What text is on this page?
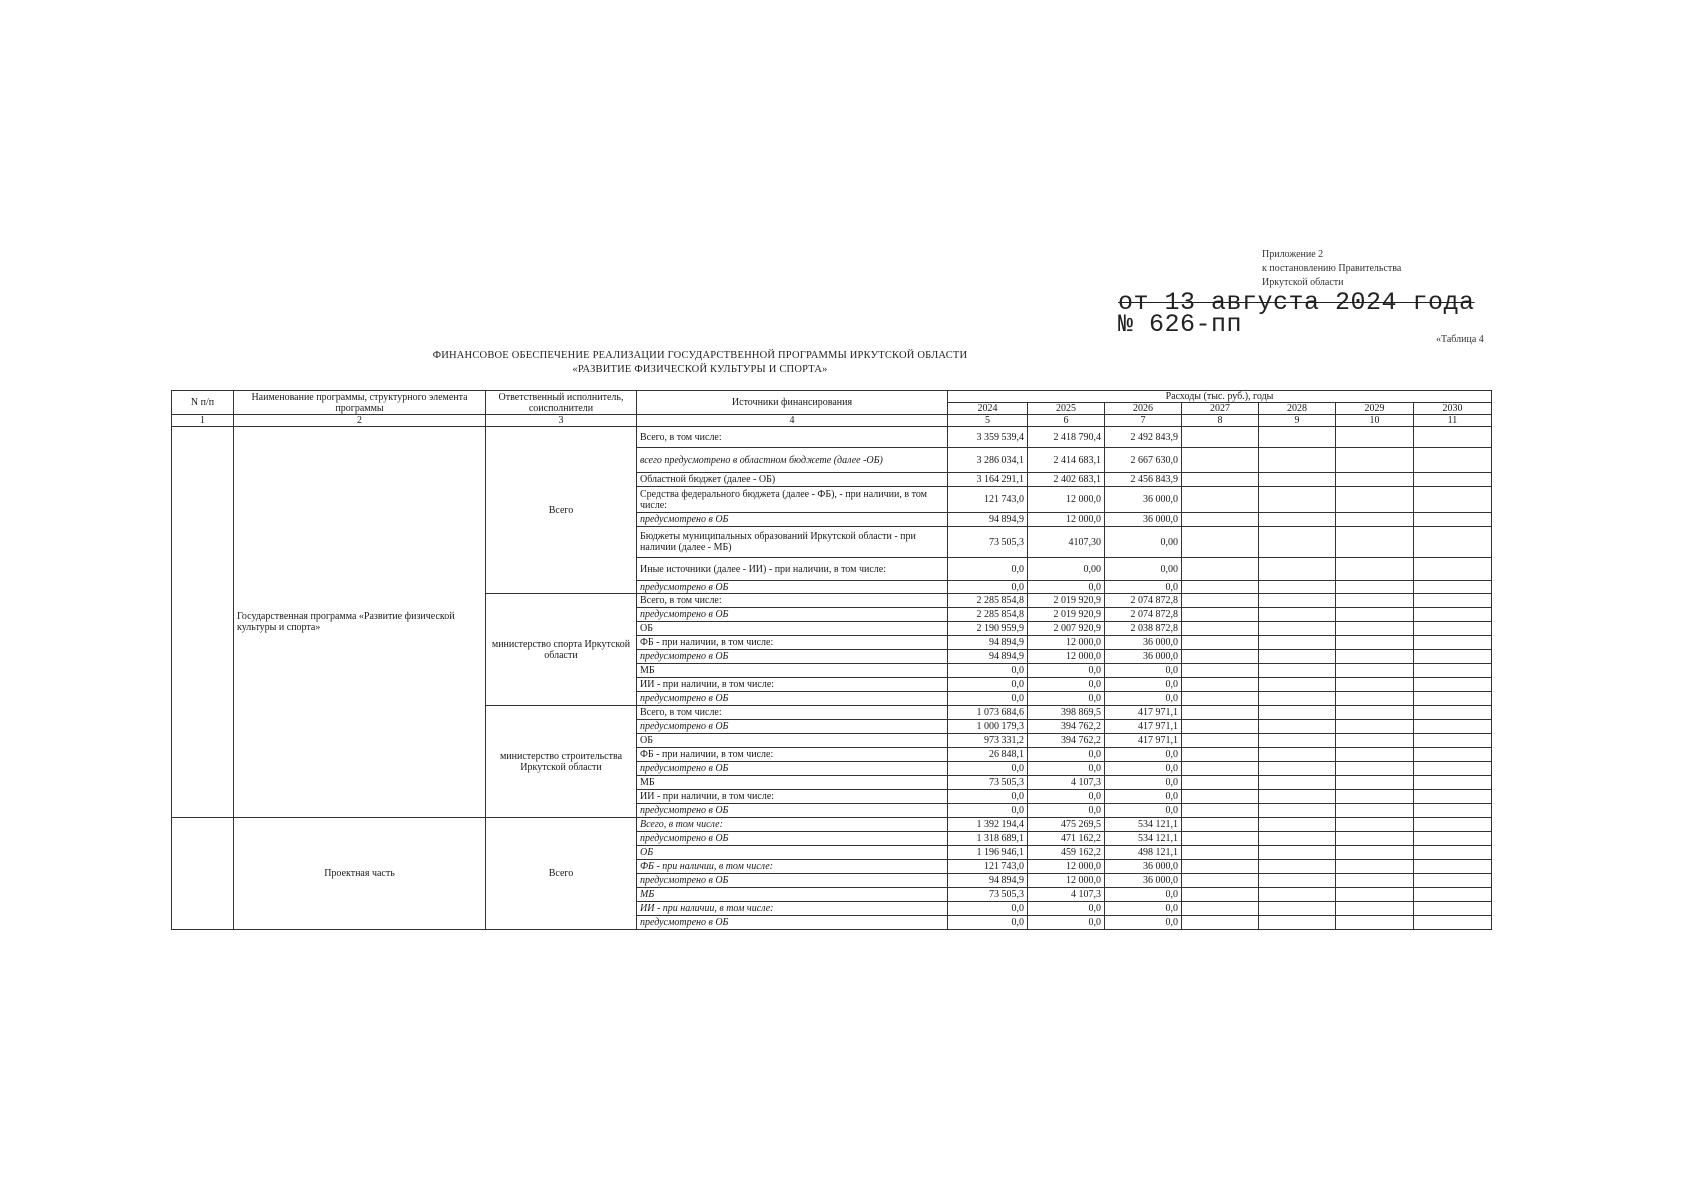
Приложение 2
к постановлению Правительства
Иркутской области
от 13 августа 2024 года
№ 626-пп
«Таблица 4
ФИНАНСОВОЕ ОБЕСПЕЧЕНИЕ РЕАЛИЗАЦИИ ГОСУДАРСТВЕННОЙ ПРОГРАММЫ ИРКУТСКОЙ ОБЛАСТИ
«РАЗВИТИЕ ФИЗИЧЕСКОЙ КУЛЬТУРЫ И СПОРТА»
N п/п	Наименование программы, структурного элемента программы	Ответственный исполнитель, соисполнители	Источники финансирования	Расходы (тыс. руб.), годы						
				2024	2025	2026	2027	2028	2029	2030
1	2	3	4	5	6	7	8	9	10	11
	Государственная программа «Развитие физической культуры и спорта»	Всего	Всего, в том числе:	3 359 539,4	2 418 790,4	2 492 843,9				
			всего предусмотрено в областном бюджете (далее -ОБ)	3 286 034,1	2 414 683,1	2 667 630,0				
			Областной бюджет (далее - ОБ)	3 164 291,1	2 402 683,1	2 456 843,9				
			Средства федерального бюджета (далее - ФБ), - при наличии, в том числе:	121 743,0	12 000,0	36 000,0				
			предусмотрено в ОБ	94 894,9	12 000,0	36 000,0				
			Бюджеты муниципальных образований Иркутской области - при наличии (далее - МБ)	73 505,3	4107,30	0,00				
			Иные источники (далее - ИИ) - при наличии, в том числе:	0,0	0,00	0,00				
			предусмотрено в ОБ	0,0	0,0	0,0				
		министерство спорта Иркутской области	Всего, в том числе:	2 285 854,8	2 019 920,9	2 074 872,8				
			предусмотрено в ОБ	2 285 854,8	2 019 920,9	2 074 872,8				
			ОБ	2 190 959,9	2 007 920,9	2 038 872,8				
			ФБ - при наличии, в том числе:	94 894,9	12 000,0	36 000,0				
			предусмотрено в ОБ	94 894,9	12 000,0	36 000,0				
			МБ	0,0	0,0	0,0				
			ИИ - при наличии, в том числе:	0,0	0,0	0,0				
			предусмотрено в ОБ	0,0	0,0	0,0				
		министерство строительства Иркутской области	Всего, в том числе:	1 073 684,6	398 869,5	417 971,1				
			предусмотрено в ОБ	1 000 179,3	394 762,2	417 971,1				
			ОБ	973 331,2	394 762,2	417 971,1				
			ФБ - при наличии, в том числе:	26 848,1	0,0	0,0				
			предусмотрено в ОБ	0,0	0,0	0,0				
			МБ	73 505,3	4 107,3	0,0				
			ИИ - при наличии, в том числе:	0,0	0,0	0,0				
			предусмотрено в ОБ	0,0	0,0	0,0				
	Проектная часть	Всего	Всего, в том числе:	1 392 194,4	475 269,5	534 121,1				
			предусмотрено в ОБ	1 318 689,1	471 162,2	534 121,1				
			ОБ	1 196 946,1	459 162,2	498 121,1				
			ФБ - при наличии, в том числе:	121 743,0	12 000,0	36 000,0				
			предусмотрено в ОБ	94 894,9	12 000,0	36 000,0				
			МБ	73 505,3	4 107,3	0,0				
			ИИ - при наличии, в том числе:	0,0	0,0	0,0				
			предусмотрено в ОБ	0,0	0,0	0,0				
